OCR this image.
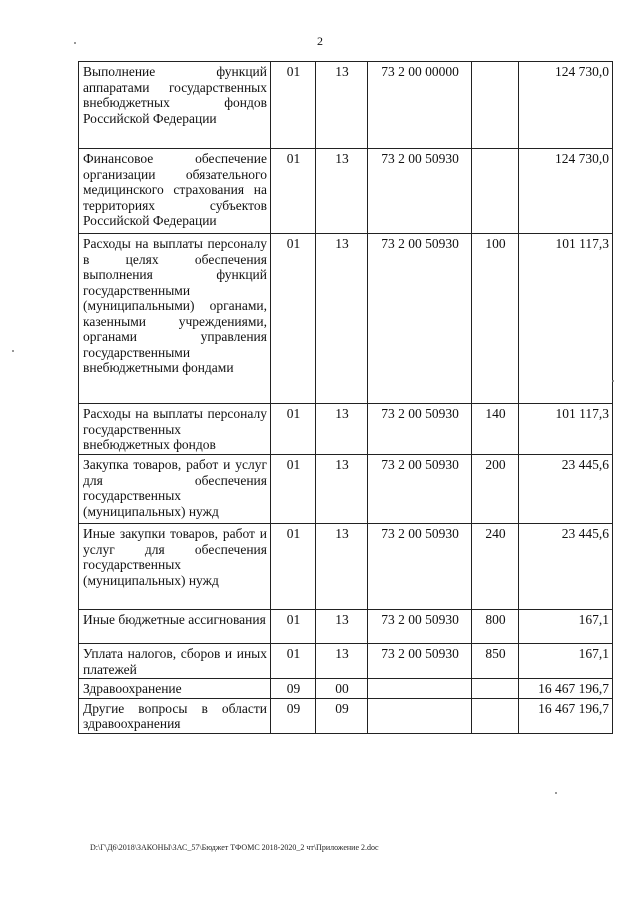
2
Выполнение функций аппаратами государственных внебюджетных фондов Российской Федерации	01	13	73 2 00 00000		124 730,0
Финансовое обеспечение организации обязательного медицинского страхования на территориях субъектов Российской Федерации	01	13	73 2 00 50930		124 730,0
Расходы на выплаты персоналу в целях обеспечения выполнения функций государственными (муниципальными) органами, казенными учреждениями, органами управления государственными внебюджетными фондами	01	13	73 2 00 50930	100	101 117,3
Расходы на выплаты персоналу государственных внебюджетных фондов	01	13	73 2 00 50930	140	101 117,3
Закупка товаров, работ и услуг для обеспечения государственных (муниципальных) нужд	01	13	73 2 00 50930	200	23 445,6
Иные закупки товаров, работ и услуг для обеспечения государственных (муниципальных) нужд	01	13	73 2 00 50930	240	23 445,6
Иные бюджетные ассигнования	01	13	73 2 00 50930	800	167,1
Уплата налогов, сборов и иных платежей	01	13	73 2 00 50930	850	167,1
Здравоохранение	09	00			16 467 196,7
Другие вопросы в области здравоохранения	09	09			16 467 196,7
D:\Г\Д6\2018\ЗАКОНЫ\ЗАС_57\Бюджет ТФОМС 2018-2020_2 чт\Приложение 2.doc
